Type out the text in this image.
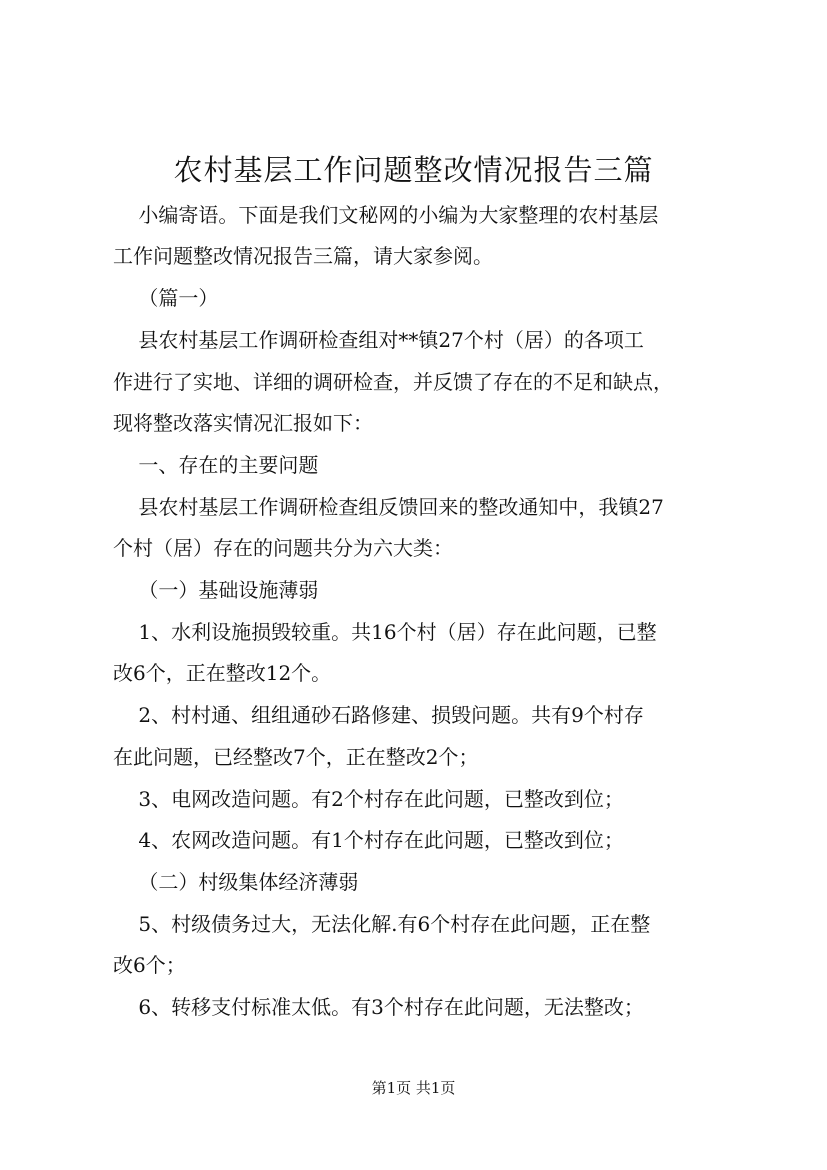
农村基层工作问题整改情况报告三篇

小编寄语。下面是我们文秘网的小编为大家整理的农村基层

工作问题整改情况报告三篇，请大家参阅。

（篇一）

县农村基层工作调研检查组对**镇27个村（居）的各项工

作进行了实地、详细的调研检查，并反馈了存在的不足和缺点，

现将整改落实情况汇报如下：

一、存在的主要问题

县农村基层工作调研检查组反馈回来的整改通知中，我镇27

个村（居）存在的问题共分为六大类：

（一）基础设施薄弱

1、水利设施损毁较重。共16个村（居）存在此问题，已整

改6个，正在整改12个。

2、村村通、组组通砂石路修建、损毁问题。共有9个村存

在此问题，已经整改7个，正在整改2个；

3、电网改造问题。有2个村存在此问题，已整改到位；

4、农网改造问题。有1个村存在此问题，已整改到位；

（二）村级集体经济薄弱

5、村级债务过大，无法化解.有6个村存在此问题，正在整

改6个；

6、转移支付标准太低。有3个村存在此问题，无法整改；

第1页 共1页
